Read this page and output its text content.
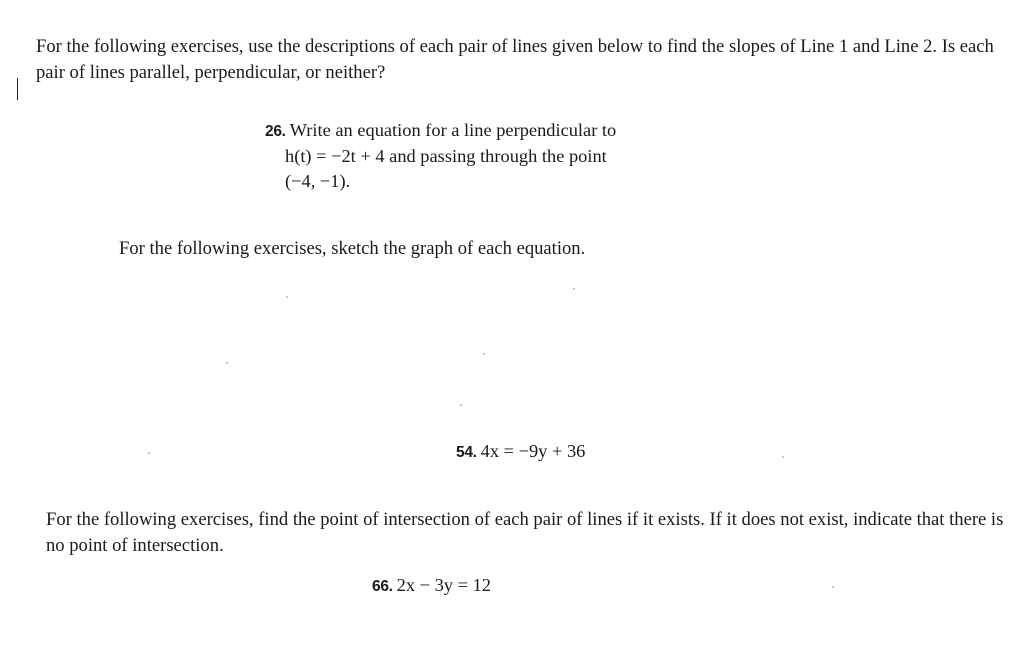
For the following exercises, use the descriptions of each pair of lines given below to find the slopes of Line 1 and Line 2. Is each pair of lines parallel, perpendicular, or neither?

26. Write an equation for a line perpendicular to
h(t) = −2t + 4 and passing through the point
(−4, −1).

For the following exercises, sketch the graph of each equation.

54. 4x = −9y + 36

For the following exercises, find the point of intersection of each pair of lines if it exists. If it does not exist, indicate that there is no point of intersection.

66. 2x − 3y = 12
